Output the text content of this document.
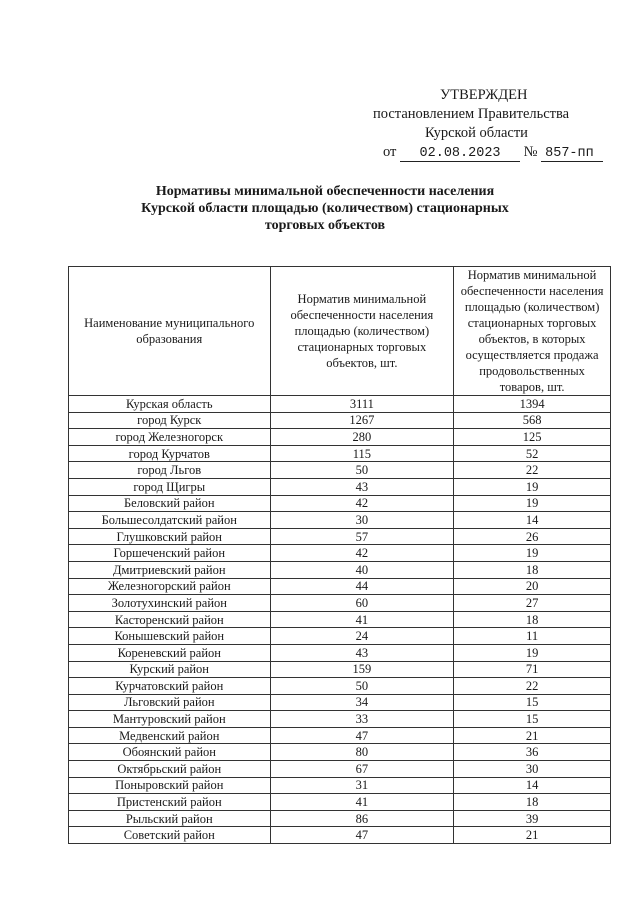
УТВЕРЖДЕН
постановлением Правительства
Курской области
от 02.08.2023 № 857-пп
Нормативы минимальной обеспеченности населения
Курской области площадью (количеством) стационарных
торговых объектов
Наименование муниципального образования	Норматив минимальной обеспеченности населения площадью (количеством) стационарных торговых объектов, шт.	Норматив минимальной обеспеченности населения площадью (количеством) стационарных торговых объектов, в которых осуществляется продажа продовольственных товаров, шт.
Курская область	3111	1394
город Курск	1267	568
город Железногорск	280	125
город Курчатов	115	52
город Льгов	50	22
город Щигры	43	19
Беловский район	42	19
Большесолдатский район	30	14
Глушковский район	57	26
Горшеченский район	42	19
Дмитриевский район	40	18
Железногорский район	44	20
Золотухинский район	60	27
Касторенский район	41	18
Конышевский район	24	11
Кореневский район	43	19
Курский район	159	71
Курчатовский район	50	22
Льговский район	34	15
Мантуровский район	33	15
Медвенский район	47	21
Обоянский район	80	36
Октябрьский район	67	30
Поныровский район	31	14
Пристенский район	41	18
Рыльский район	86	39
Советский район	47	21
